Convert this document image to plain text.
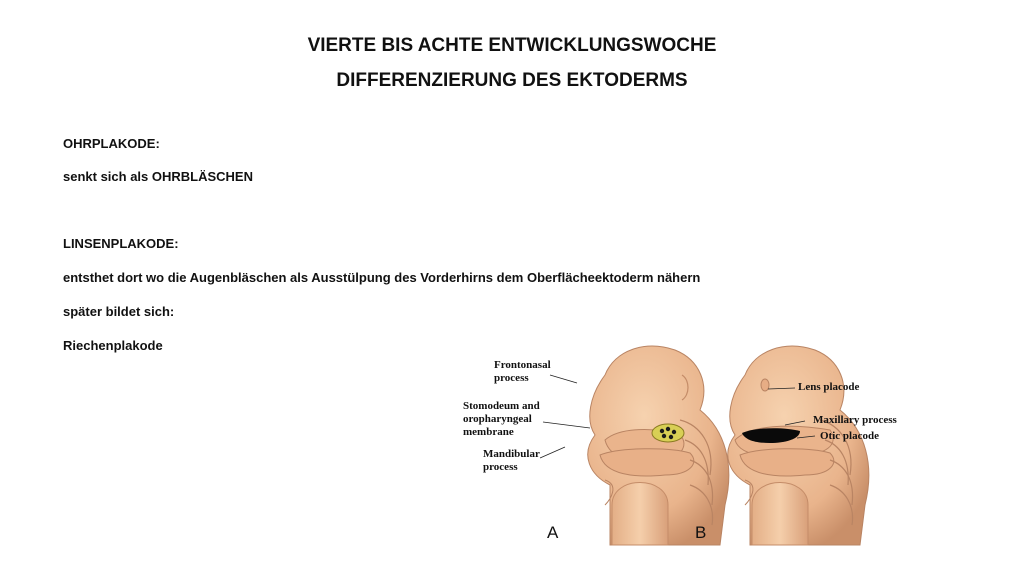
VIERTE BIS ACHTE ENTWICKLUNGSWOCHE
DIFFERENZIERUNG DES EKTODERMS
OHRPLAKODE:
senkt sich als OHRBLÄSCHEN
LINSENPLAKODE:
entsthet dort wo die Augenbläschen als Ausstülpung des Vorderhirns dem Oberflächeektoderm nähern
später bildet sich:
Riechenplakode
Frontonasal
process
Stomodeum and
oropharyngeal
membrane
Mandibular
process
Lens placode
Maxillary process
Otic placode
A	B
